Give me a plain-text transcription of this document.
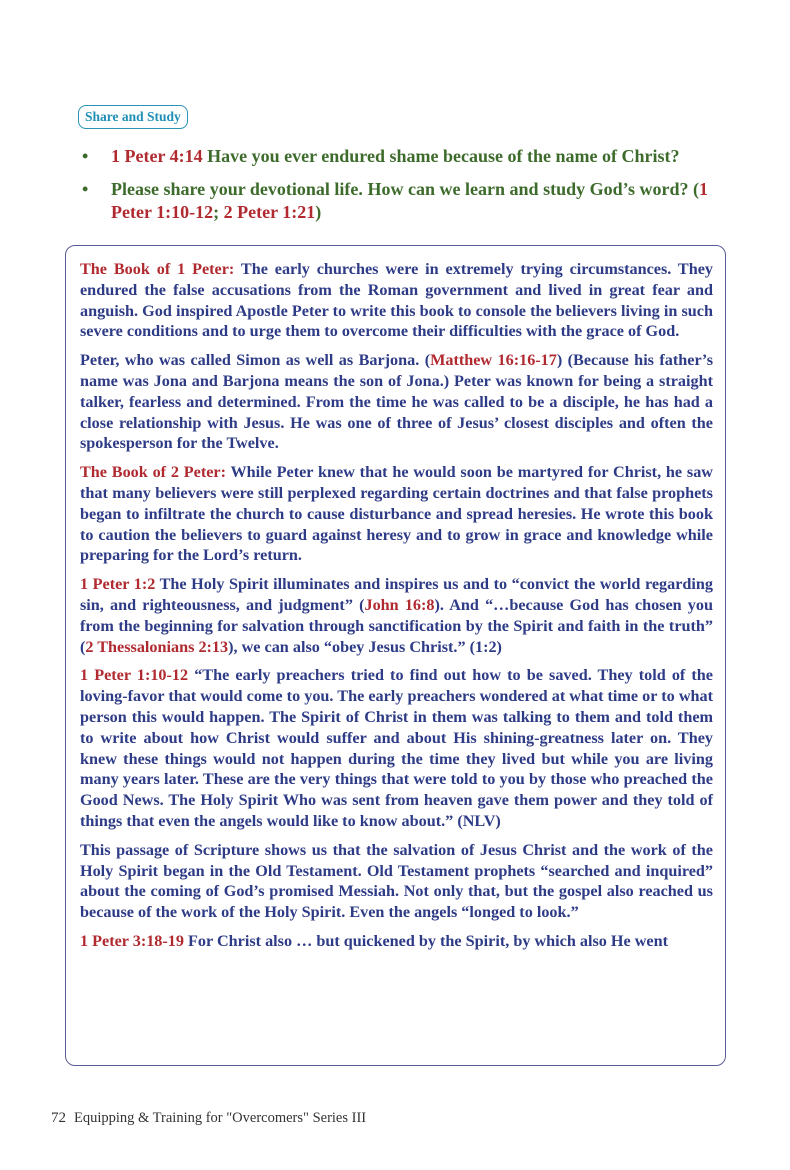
Share and Study
• 1 Peter 4:14 Have you ever endured shame because of the name of Christ?
• Please share your devotional life. How can we learn and study God’s word? (1 Peter 1:10-12; 2 Peter 1:21)

The Book of 1 Peter: The early churches were in extremely trying circumstances. They endured the false accusations from the Roman government and lived in great fear and anguish. God inspired Apostle Peter to write this book to console the believers living in such severe conditions and to urge them to overcome their difficulties with the grace of God.

Peter, who was called Simon as well as Barjona. (Matthew 16:16-17) (Because his father’s name was Jona and Barjona means the son of Jona.) Peter was known for being a straight talker, fearless and determined. From the time he was called to be a disciple, he has had a close relationship with Jesus. He was one of three of Jesus’ closest disciples and often the spokesperson for the Twelve.

The Book of 2 Peter: While Peter knew that he would soon be martyred for Christ, he saw that many believers were still perplexed regarding certain doctrines and that false prophets began to infiltrate the church to cause disturbance and spread heresies. He wrote this book to caution the believers to guard against heresy and to grow in grace and knowledge while preparing for the Lord’s return.

1 Peter 1:2 The Holy Spirit illuminates and inspires us and to “convict the world regarding sin, and righteousness, and judgment” (John 16:8). And “…because God has chosen you from the beginning for salvation through sanctification by the Spirit and faith in the truth” (2 Thessalonians 2:13), we can also “obey Jesus Christ.” (1:2)

1 Peter 1:10-12 “The early preachers tried to find out how to be saved. They told of the loving-favor that would come to you. The early preachers wondered at what time or to what person this would happen. The Spirit of Christ in them was talking to them and told them to write about how Christ would suffer and about His shining-greatness later on. They knew these things would not happen during the time they lived but while you are living many years later. These are the very things that were told to you by those who preached the Good News. The Holy Spirit Who was sent from heaven gave them power and they told of things that even the angels would like to know about.” (NLV)

This passage of Scripture shows us that the salvation of Jesus Christ and the work of the Holy Spirit began in the Old Testament. Old Testament prophets “searched and inquired” about the coming of God’s promised Messiah. Not only that, but the gospel also reached us because of the work of the Holy Spirit. Even the angels “longed to look.”

1 Peter 3:18-19 For Christ also … but quickened by the Spirit, by which also He went

72 Equipping & Training for "Overcomers" Series III
